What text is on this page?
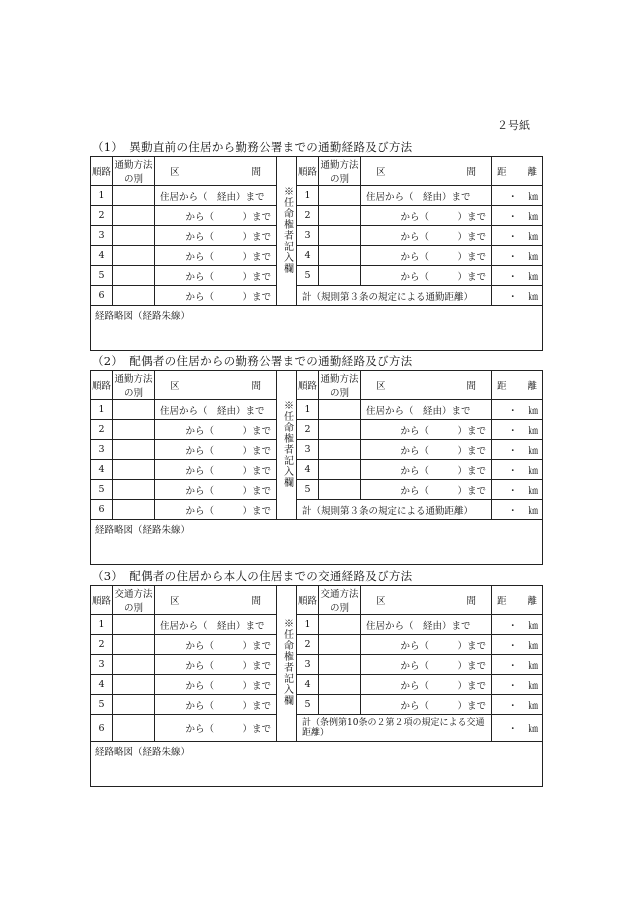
２号紙
（1）　異動直前の住居から勤務公署までの通勤経路及び方法
順路	通勤方法の別	区 間	※任命権者記入欄	順路	通勤方法の別	区 間	距 離

1		住居から（　経由）まで		1		住居から（　経由）まで	・ ㎞

2		から（　　　）まで		2		から（　　　）まで	・ ㎞

3		から（　　　）まで		3		から（　　　）まで	・ ㎞

4		から（　　　）まで		4		から（　　　）まで	・ ㎞

5		から（　　　）まで		5		から（　　　）まで	・ ㎞

6		から（　　　）まで		計（規則第３条の規定による通勤距離）			・ ㎞

経路略図（経路朱線）							
（2）　配偶者の住居からの勤務公署までの通勤経路及び方法
順路	通勤方法の別	区 間	※任命権者記入欄	順路	通勤方法の別	区 間	距 離

1		住居から（　経由）まで		1		住居から（　経由）まで	・ ㎞

2		から（　　　）まで		2		から（　　　）まで	・ ㎞

3		から（　　　）まで		3		から（　　　）まで	・ ㎞

4		から（　　　）まで		4		から（　　　）まで	・ ㎞

5		から（　　　）まで		5		から（　　　）まで	・ ㎞

6		から（　　　）まで		計（規則第３条の規定による通勤距離）			・ ㎞

経路略図（経路朱線）							
（3）　配偶者の住居から本人の住居までの交通経路及び方法
順路	交通方法の別	区 間	※任命権者記入欄	順路	交通方法の別	区 間	距 離

1		住居から（　経由）まで		1		住居から（　経由）まで	・ ㎞

2		から（　　　）まで		2		から（　　　）まで	・ ㎞

3		から（　　　）まで		3		から（　　　）まで	・ ㎞

4		から（　　　）まで		4		から（　　　）まで	・ ㎞

5		から（　　　）まで		5		から（　　　）まで	・ ㎞

6		から（　　　）まで		計（条例第10条の２第２項の規定による交通距離）			・ ㎞

経路略図（経路朱線）							
